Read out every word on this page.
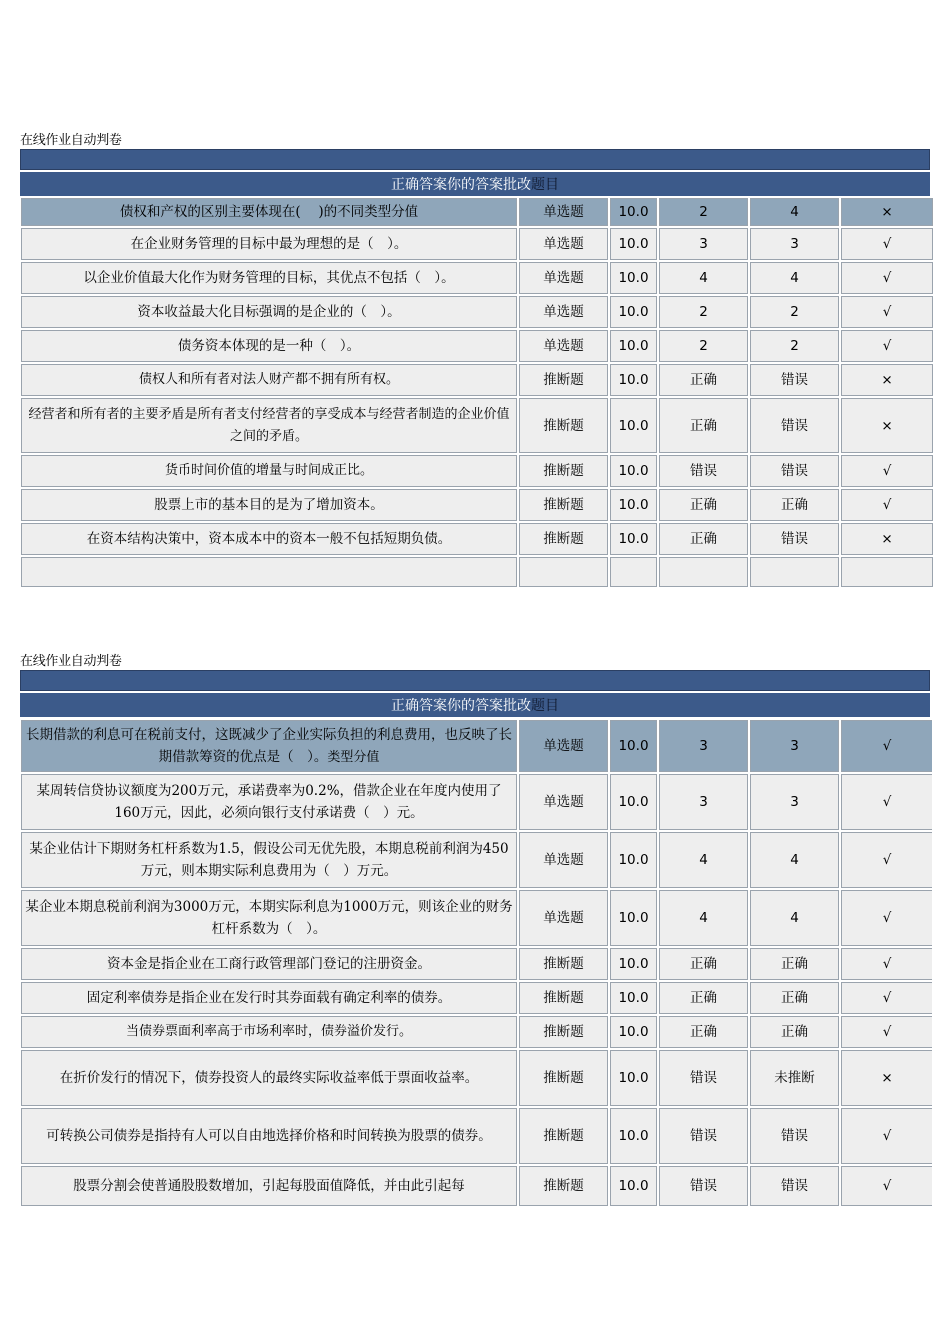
在线作业自动判卷
正确答案你的答案批改 题目
债权和产权的区别主要体现在(　 )的不同类型分值	单选题	10.0	2	4	×
在企业财务管理的目标中最为理想的是（　）。	单选题	10.0	3	3	√
以企业价值最大化作为财务管理的目标，其优点不包括（　）。	单选题	10.0	4	4	√
资本收益最大化目标强调的是企业的（　）。	单选题	10.0	2	2	√
债务资本体现的是一种（　）。	单选题	10.0	2	2	√
债权人和所有者对法人财产都不拥有所有权。	推断题	10.0	正确	错误	×
经营者和所有者的主要矛盾是所有者支付经营者的享受成本与经营者制造的企业价值之间的矛盾。	推断题	10.0	正确	错误	×
货币时间价值的增量与时间成正比。	推断题	10.0	错误	错误	√
股票上市的基本目的是为了增加资本。	推断题	10.0	正确	正确	√
在资本结构决策中，资本成本中的资本一般不包括短期负债。	推断题	10.0	正确	错误	×

在线作业自动判卷
正确答案你的答案批改 题目
长期借款的利息可在税前支付，这既减少了企业实际负担的利息费用，也反映了长期借款筹资的优点是（　）。类型分值	单选题	10.0	3	3	√
某周转信贷协议额度为200万元，承诺费率为0.2%，借款企业在年度内使用了160万元，因此，必须向银行支付承诺费（　）元。	单选题	10.0	3	3	√
某企业估计下期财务杠杆系数为1.5，假设公司无优先股，本期息税前利润为450万元，则本期实际利息费用为（　）万元。	单选题	10.0	4	4	√
某企业本期息税前利润为3000万元，本期实际利息为1000万元，则该企业的财务杠杆系数为（　）。	单选题	10.0	4	4	√
资本金是指企业在工商行政管理部门登记的注册资金。	推断题	10.0	正确	正确	√
固定利率债券是指企业在发行时其券面载有确定利率的债券。	推断题	10.0	正确	正确	√
当债券票面利率高于市场利率时，债券溢价发行。	推断题	10.0	正确	正确	√
在折价发行的情况下，债券投资人的最终实际收益率低于票面收益率。	推断题	10.0	错误	未推断	×
可转换公司债券是指持有人可以自由地选择价格和时间转换为股票的债券。	推断题	10.0	错误	错误	√
股票分割会使普通股股数增加，引起每股面值降低，并由此引起每	推断题	10.0	错误	错误	√
